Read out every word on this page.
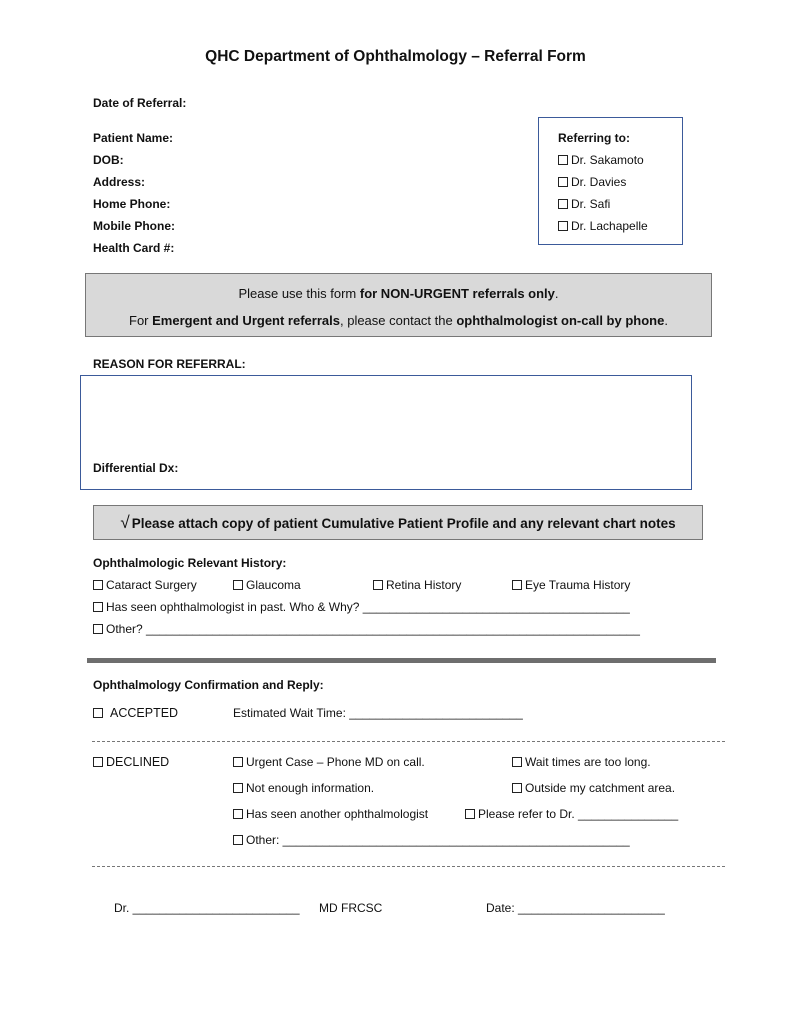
QHC Department of Ophthalmology – Referral Form
Date of Referral:
Patient Name:
DOB:
Address:
Home Phone:
Mobile Phone:
Health Card #:
Referring to:
Dr. Sakamoto
Dr. Davies
Dr. Safi
Dr. Lachapelle
Please use this form for NON-URGENT referrals only.
For Emergent and Urgent referrals, please contact the ophthalmologist on-call by phone.
REASON FOR REFERRAL:
Differential Dx:
√ Please attach copy of patient Cumulative Patient Profile and any relevant chart notes
Ophthalmologic Relevant History:
Cataract Surgery	Glaucoma	Retina History	Eye Trauma History
Has seen ophthalmologist in past. Who & Why? ________________________________________
Other? __________________________________________________________________________
Ophthalmology Confirmation and Reply:
ACCEPTED	Estimated Wait Time: __________________________
DECLINED	Urgent Case – Phone MD on call.	Wait times are too long.
Not enough information.	Outside my catchment area.
Has seen another ophthalmologist	Please refer to Dr. _______________
Other: ____________________________________________________
Dr. _________________________ MD FRCSC	Date: ______________________
